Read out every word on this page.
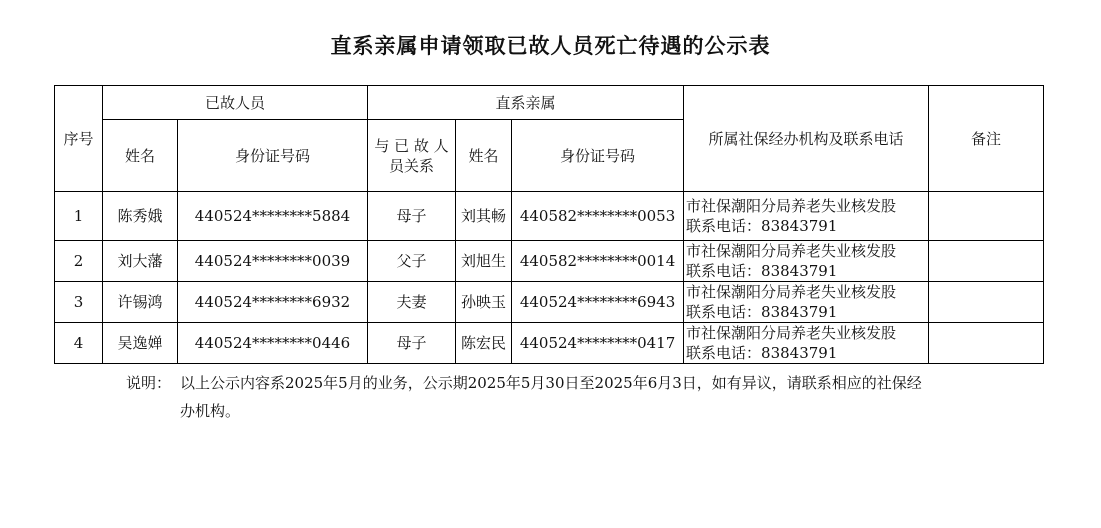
直系亲属申请领取已故人员死亡待遇的公示表
序号	已故人员		直系亲属			所属社保经办机构及联系电话	备注
	姓名	身份证号码	与 已 故 人员关系	姓名	身份证号码		
1	陈秀娥	440524********5884	母子	刘其畅	440582********0053	市社保潮阳分局养老失业核发股
联系电话：83843791	

2	刘大藩	440524********0039	父子	刘旭生	440582********0014	市社保潮阳分局养老失业核发股
联系电话：83843791	

3	许锡鸿	440524********6932	夫妻	孙映玉	440524********6943	市社保潮阳分局养老失业核发股
联系电话：83843791	

4	吴逸婵	440524********0446	母子	陈宏民	440524********0417	市社保潮阳分局养老失业核发股
联系电话：83843791	

说明： 以上公示内容系2025年5月的业务，公示期2025年5月30日至2025年6月3日，如有异议，请联系相应的社保经办机构。
